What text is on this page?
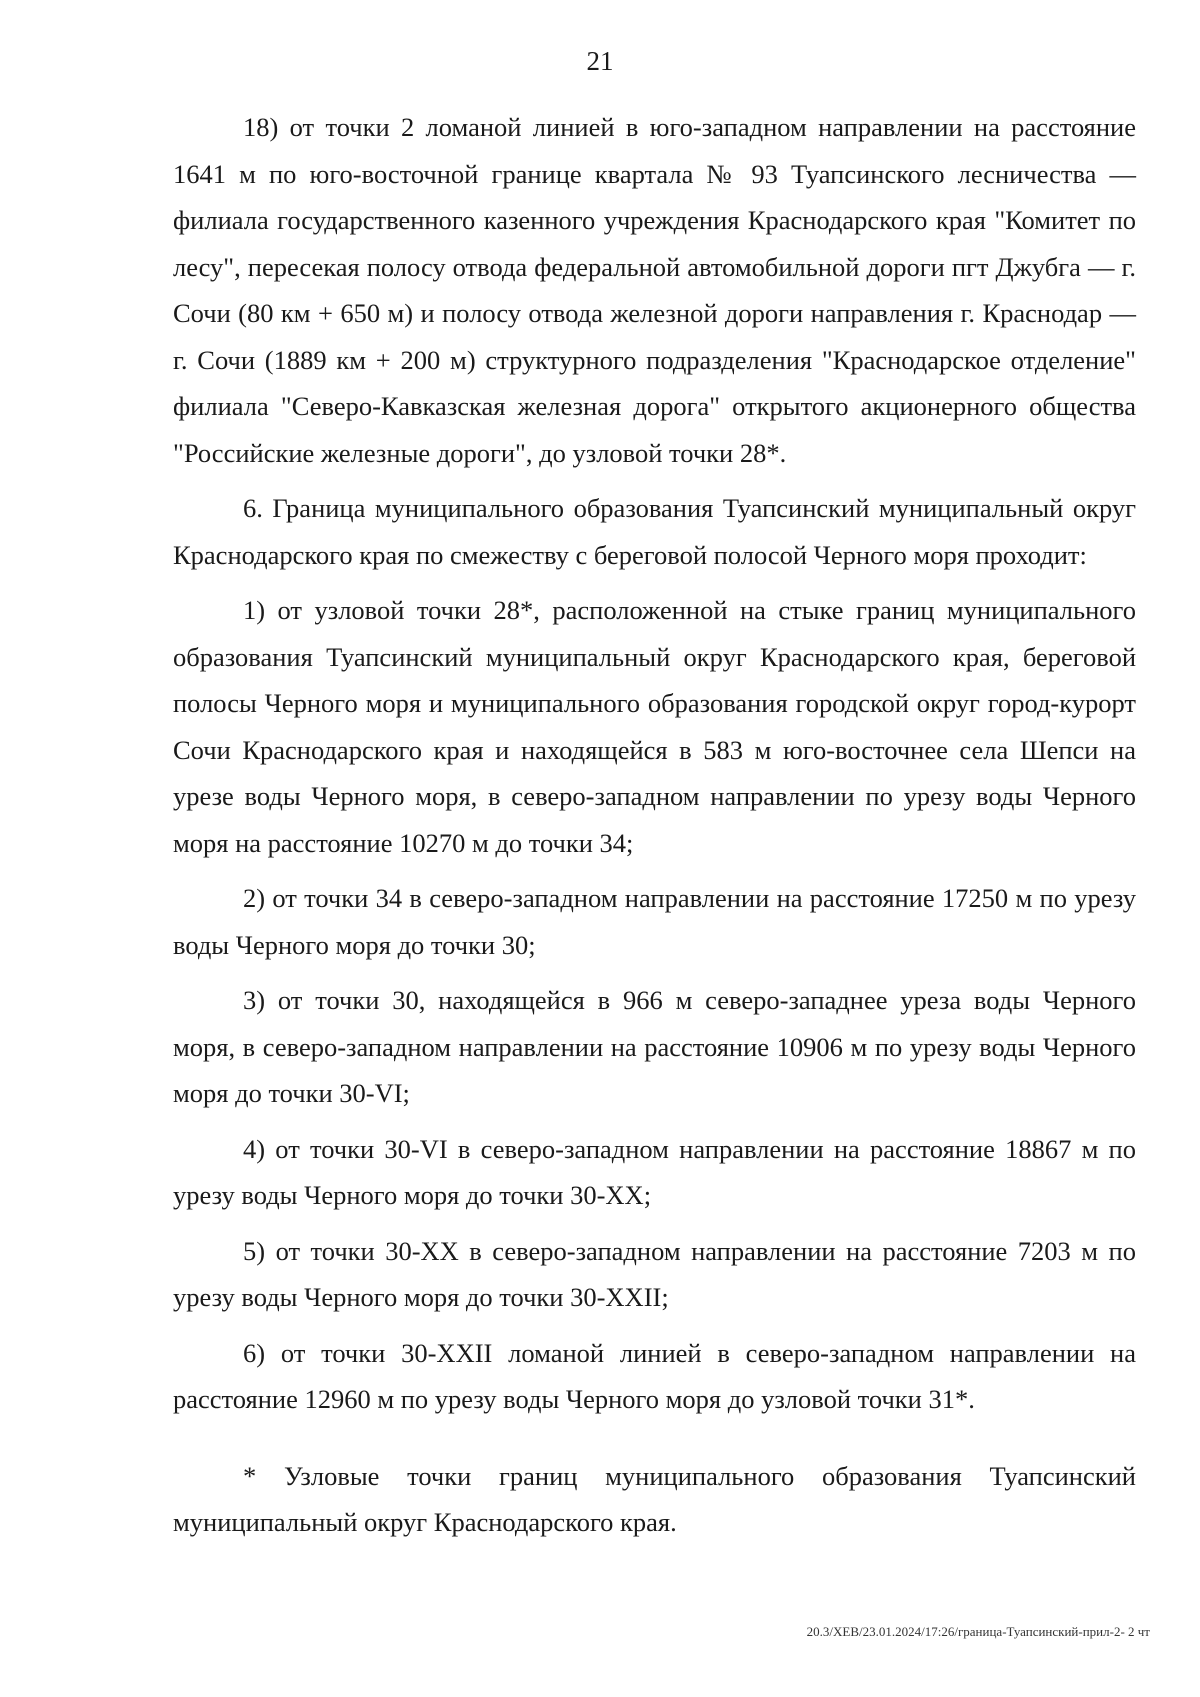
21

18) от точки 2 ломаной линией в юго-западном направлении на расстояние 1641 м по юго-восточной границе квартала № 93 Туапсинского лесничества — филиала государственного казенного учреждения Краснодарского края "Комитет по лесу", пересекая полосу отвода федеральной автомобильной дороги пгт Джубга — г. Сочи (80 км + 650 м) и полосу отвода железной дороги направления г. Краснодар — г. Сочи (1889 км + 200 м) структурного подразделения "Краснодарское отделение" филиала "Северо-Кавказская железная дорога" открытого акционерного общества "Российские железные дороги", до узловой точки 28*.

6. Граница муниципального образования Туапсинский муниципальный округ Краснодарского края по смежеству с береговой полосой Черного моря проходит:

1) от узловой точки 28*, расположенной на стыке границ муниципального образования Туапсинский муниципальный округ Краснодарского края, береговой полосы Черного моря и муниципального образования городской округ город-курорт Сочи Краснодарского края и находящейся в 583 м юго-восточнее села Шепси на урезе воды Черного моря, в северо-западном направлении по урезу воды Черного моря на расстояние 10270 м до точки 34;

2) от точки 34 в северо-западном направлении на расстояние 17250 м по урезу воды Черного моря до точки 30;

3) от точки 30, находящейся в 966 м северо-западнее уреза воды Черного моря, в северо-западном направлении на расстояние 10906 м по урезу воды Черного моря до точки 30-VI;

4) от точки 30-VI в северо-западном направлении на расстояние 18867 м по урезу воды Черного моря до точки 30-XX;

5) от точки 30-XX в северо-западном направлении на расстояние 7203 м по урезу воды Черного моря до точки 30-XXII;

6) от точки 30-XXII ломаной линией в северо-западном направлении на расстояние 12960 м по урезу воды Черного моря до узловой точки 31*.

* Узловые точки границ муниципального образования Туапсинский муниципальный округ Краснодарского края.

20.3/XEB/23.01.2024/17:26/граница-Туапсинский-прил-2- 2 чт
